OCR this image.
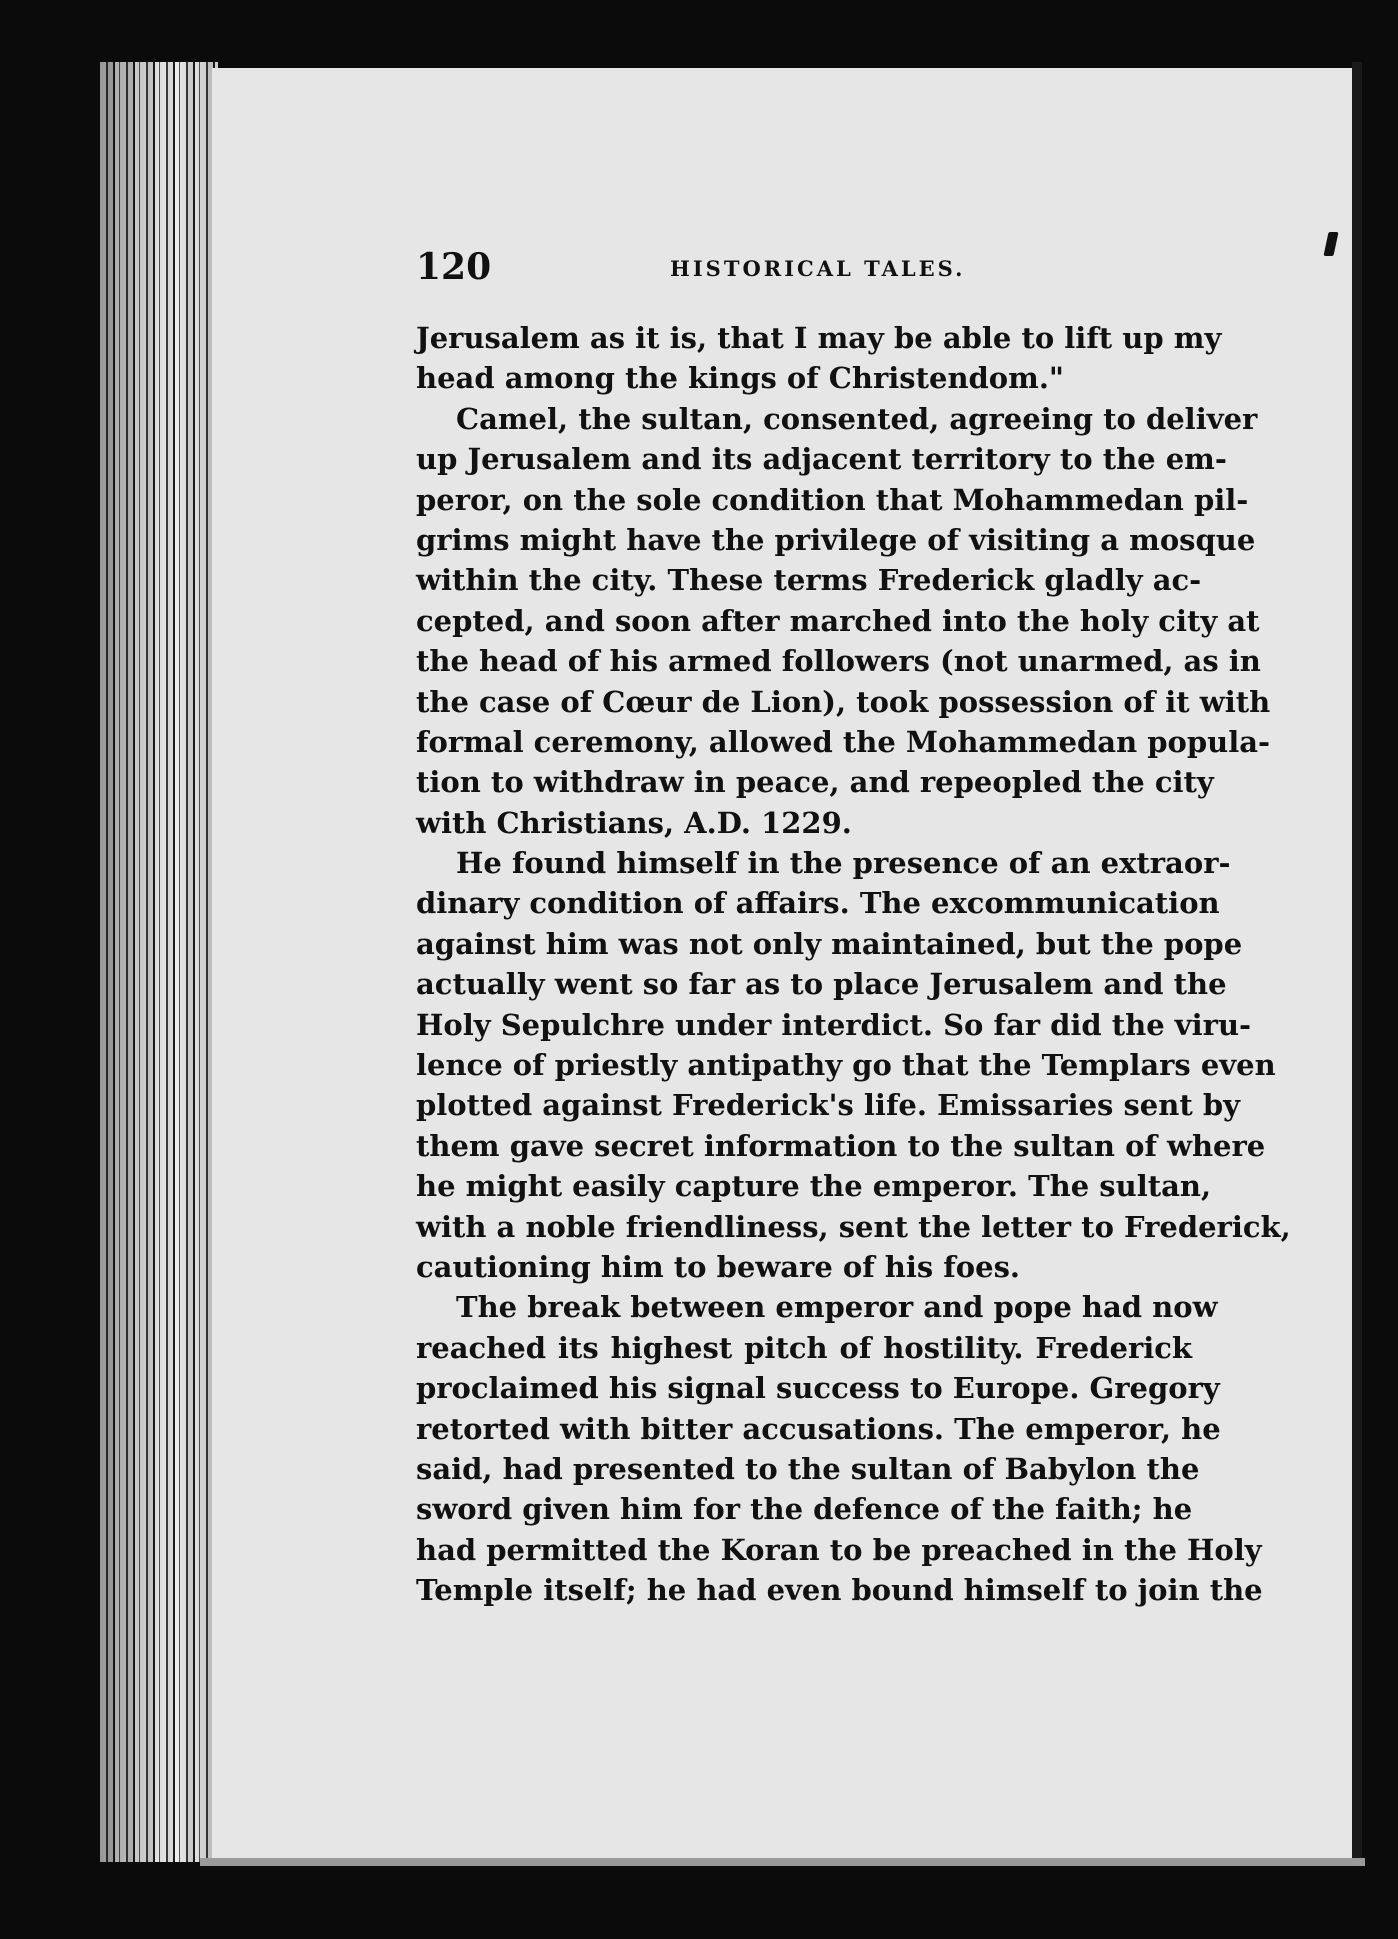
120	HISTORICAL TALES.
Jerusalem as it is, that I may be able to lift up my
head among the kings of Christendom."
Camel, the sultan, consented, agreeing to deliver
up Jerusalem and its adjacent territory to the em-
peror, on the sole condition that Mohammedan pil-
grims might have the privilege of visiting a mosque
within the city. These terms Frederick gladly ac-
cepted, and soon after marched into the holy city at
the head of his armed followers (not unarmed, as in
the case of Cœur de Lion), took possession of it with
formal ceremony, allowed the Mohammedan popula-
tion to withdraw in peace, and repeopled the city
with Christians, A.D. 1229.
He found himself in the presence of an extraor-
dinary condition of affairs. The excommunication
against him was not only maintained, but the pope
actually went so far as to place Jerusalem and the
Holy Sepulchre under interdict. So far did the viru-
lence of priestly antipathy go that the Templars even
plotted against Frederick's life. Emissaries sent by
them gave secret information to the sultan of where
he might easily capture the emperor. The sultan,
with a noble friendliness, sent the letter to Frederick,
cautioning him to beware of his foes.
The break between emperor and pope had now
reached its highest pitch of hostility. Frederick
proclaimed his signal success to Europe. Gregory
retorted with bitter accusations. The emperor, he
said, had presented to the sultan of Babylon the
sword given him for the defence of the faith; he
had permitted the Koran to be preached in the Holy
Temple itself; he had even bound himself to join the
